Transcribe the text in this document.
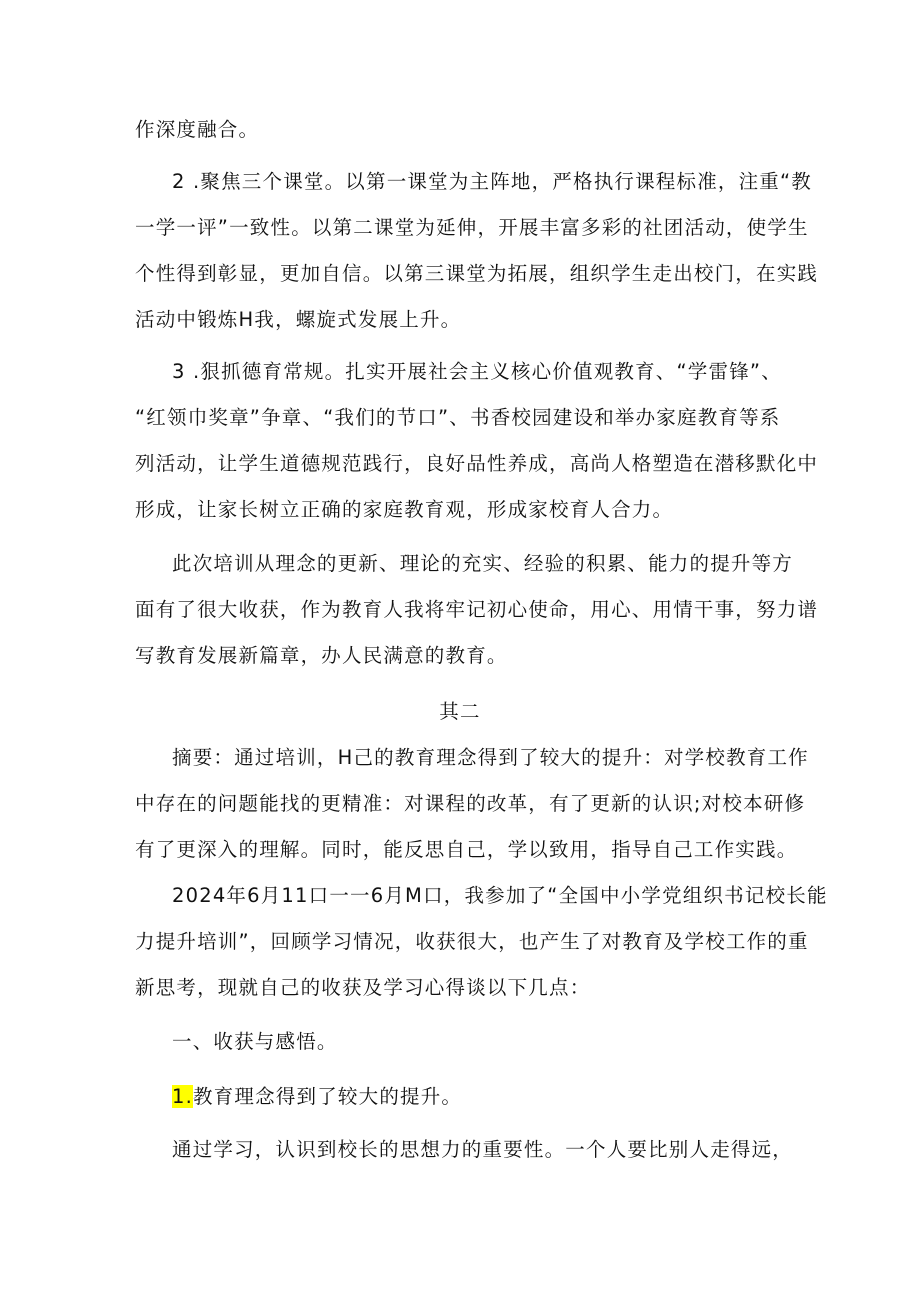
作深度融合。
2 .聚焦三个课堂。以第一课堂为主阵地，严格执行课程标准，注重“教
一学一评”一致性。以第二课堂为延伸，开展丰富多彩的社团活动，使学生
个性得到彰显，更加自信。以第三课堂为拓展，组织学生走出校门，在实践
活动中锻炼H我，螺旋式发展上升。
3 .狠抓德育常规。扎实开展社会主义核心价值观教育、“学雷锋”、
“红领巾奖章”争章、“我们的节口”、书香校园建设和举办家庭教育等系
列活动，让学生道德规范践行，良好品性养成，高尚人格塑造在潜移默化中
形成，让家长树立正确的家庭教育观，形成家校育人合力。
此次培训从理念的更新、理论的充实、经验的积累、能力的提升等方
面有了很大收获，作为教育人我将牢记初心使命，用心、用情干事，努力谱
写教育发展新篇章，办人民满意的教育。
其二
摘要：通过培训，H己的教育理念得到了较大的提升：对学校教育工作
中存在的问题能找的更精准：对课程的改革，有了更新的认识;对校本研修
有了更深入的理解。同时，能反思自己，学以致用，指导自己工作实践。
2024年6月11口一一6月M口，我参加了“全国中小学党组织书记校长能
力提升培训”，回顾学习情况，收获很大，也产生了对教育及学校工作的重
新思考，现就自己的收获及学习心得谈以下几点：
一、收获与感悟。
1.教育理念得到了较大的提升。
通过学习，认识到校长的思想力的重要性。一个人要比别人走得远，
